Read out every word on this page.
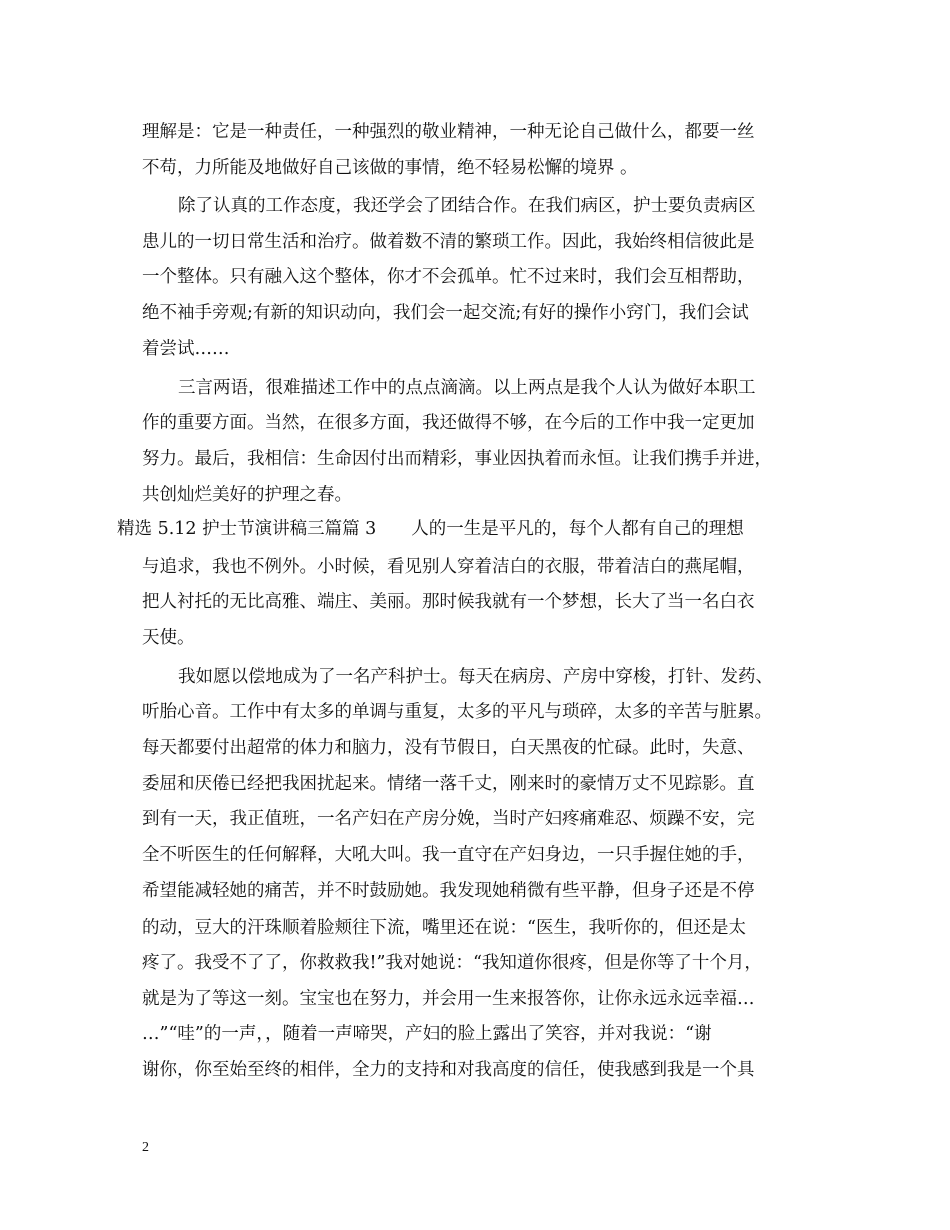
理解是：它是一种责任，一种强烈的敬业精神，一种无论自己做什么，都要一丝
不苟，力所能及地做好自己该做的事情，绝不轻易松懈的境界 。
除了认真的工作态度，我还学会了团结合作。在我们病区，护士要负责病区
患儿的一切日常生活和治疗。做着数不清的繁琐工作。因此，我始终相信彼此是
一个整体。只有融入这个整体，你才不会孤单。忙不过来时，我们会互相帮助，
绝不袖手旁观;有新的知识动向，我们会一起交流;有好的操作小窍门，我们会试
着尝试……
三言两语，很难描述工作中的点点滴滴。以上两点是我个人认为做好本职工
作的重要方面。当然，在很多方面，我还做得不够，在今后的工作中我一定更加
努力。最后，我相信：生命因付出而精彩，事业因执着而永恒。让我们携手并进，
共创灿烂美好的护理之春。
精选 5.12 护士节演讲稿三篇篇 3　　人的一生是平凡的，每个人都有自己的理想
与追求，我也不例外。小时候，看见别人穿着洁白的衣服，带着洁白的燕尾帽，
把人衬托的无比高雅、端庄、美丽。那时候我就有一个梦想，长大了当一名白衣
天使。
我如愿以偿地成为了一名产科护士。每天在病房、产房中穿梭，打针、发药、
听胎心音。工作中有太多的单调与重复，太多的平凡与琐碎，太多的辛苦与脏累。
每天都要付出超常的体力和脑力，没有节假日，白天黑夜的忙碌。此时，失意、
委屈和厌倦已经把我困扰起来。情绪一落千丈，刚来时的豪情万丈不见踪影。直
到有一天，我正值班，一名产妇在产房分娩，当时产妇疼痛难忍、烦躁不安，完
全不听医生的任何解释，大吼大叫。我一直守在产妇身边，一只手握住她的手，
希望能减轻她的痛苦，并不时鼓励她。我发现她稍微有些平静，但身子还是不停
的动，豆大的汗珠顺着脸颊往下流，嘴里还在说：“医生，我听你的，但还是太
疼了。我受不了了，你救救我!”我对她说：“我知道你很疼，但是你等了十个月，
就是为了等这一刻。宝宝也在努力，并会用一生来报答你，让你永远永远幸福…
…”“哇”的一声，，随着一声啼哭，产妇的脸上露出了笑容，并对我说：“谢
谢你，你至始至终的相伴，全力的支持和对我高度的信任，使我感到我是一个具
2
